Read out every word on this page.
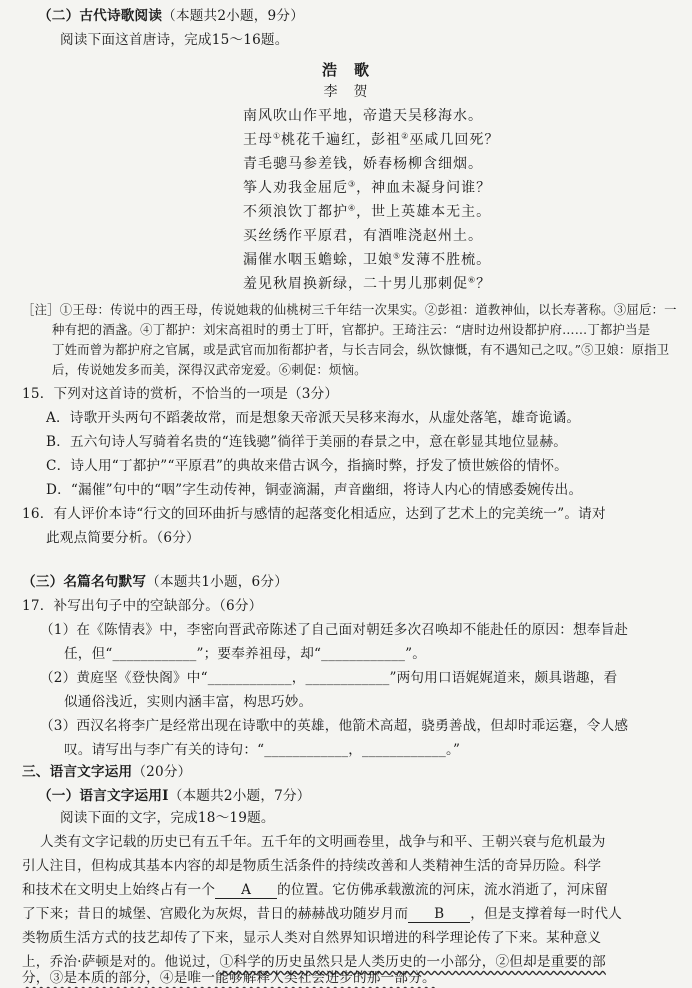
（二）古代诗歌阅读（本题共2小题，9分）
阅读下面这首唐诗，完成15～16题。
浩　歌
李　贺
南风吹山作平地，帝遣天吴移海水。
王母①桃花千遍红，彭祖②巫咸几回死？
青毛骢马参差钱，娇春杨柳含细烟。
筝人劝我金屈卮③，神血未凝身问谁？
不须浪饮丁都护④，世上英雄本无主。
买丝绣作平原君，有酒唯浇赵州土。
漏催水咽玉蟾蜍，卫娘⑤发薄不胜梳。
羞见秋眉换新绿，二十男儿那刺促⑥？
［注］①王母：传说中的西王母，传说她栽的仙桃树三千年结一次果实。②彭祖：道教神仙，以长寿著称。③屈卮：一
种有把的酒盏。④丁都护：刘宋高祖时的勇士丁旰，官都护。王琦注云：“唐时边州设都护府……丁都护当是
丁姓而曾为都护府之官属，或是武官而加衔都护者，与长吉同会，纵饮慷慨，有不遇知己之叹。”⑤卫娘：原指卫
后，传说她发多而美，深得汉武帝宠爱。⑥刺促：烦恼。
15．下列对这首诗的赏析，不恰当的一项是（3分）
A．诗歌开头两句不蹈袭故常，而是想象天帝派天吴移来海水，从虚处落笔，雄奇诡谲。
B．五六句诗人写骑着名贵的“连钱骢”徜徉于美丽的春景之中，意在彰显其地位显赫。
C．诗人用“丁都护”“平原君”的典故来借古讽今，指摘时弊，抒发了愤世嫉俗的情怀。
D．“漏催”句中的“咽”字生动传神，铜壶滴漏，声音幽细，将诗人内心的情感委婉传出。
16．有人评价本诗“行文的回环曲折与感情的起落变化相适应，达到了艺术上的完美统一”。请对
此观点简要分析。（6分）
（三）名篇名句默写（本题共1小题，6分）
17．补写出句子中的空缺部分。（6分）
（1）在《陈情表》中，李密向晋武帝陈述了自己面对朝廷多次召唤却不能赴任的原因：想奉旨赴
任，但“____________”；要奉养祖母，却“____________”。
（2）黄庭坚《登快阁》中“____________，____________”两句用口语娓娓道来，颇具谐趣，看
似通俗浅近，实则内涵丰富，构思巧妙。
（3）西汉名将李广是经常出现在诗歌中的英雄，他箭术高超，骁勇善战，但却时乖运蹇，令人感
叹。请写出与李广有关的诗句：“____________，____________。”
三、语言文字运用（20分）
（一）语言文字运用Ⅰ（本题共2小题，7分）
阅读下面的文字，完成18～19题。
人类有文字记载的历史已有五千年。五千年的文明画卷里，战争与和平、王朝兴衰与危机最为
引人注目，但构成其基本内容的却是物质生活条件的持续改善和人类精神生活的奇异历险。科学
和技术在文明史上始终占有一个 A 的位置。它仿佛承载激流的河床，流水消逝了，河床留
了下来；昔日的城堡、宫殿化为灰烬，昔日的赫赫战功随岁月而 B ，但是支撑着每一时代人
类物质生活方式的技艺却传了下来，显示人类对自然界知识增进的科学理论传了下来。某种意义
上，乔治·萨顿是对的。他说过，①科学的历史虽然只是人类历史的一小部分，②但却是重要的部
分，③是本质的部分，④是唯一能够解释人类社会进步的那一部分。
